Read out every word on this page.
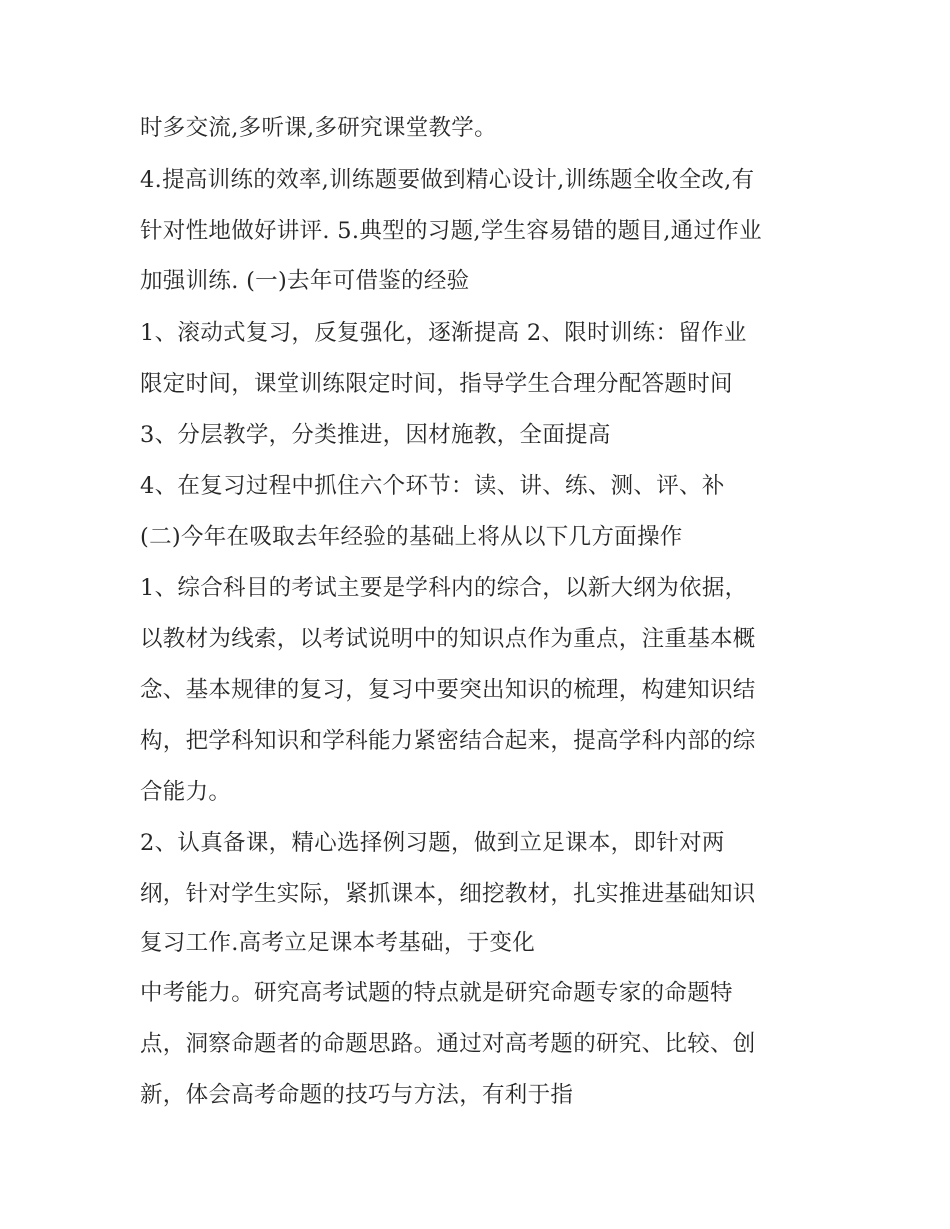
时多交流,多听课,多研究课堂教学。

4.提高训练的效率,训练题要做到精心设计,训练题全收全改,有

针对性地做好讲评. 5.典型的习题,学生容易错的题目,通过作业

加强训练. (一)去年可借鉴的经验

1、滚动式复习，反复强化，逐渐提高 2、限时训练：留作业

限定时间，课堂训练限定时间，指导学生合理分配答题时间

3、分层教学，分类推进，因材施教，全面提高

4、在复习过程中抓住六个环节：读、讲、练、测、评、补

(二)今年在吸取去年经验的基础上将从以下几方面操作

1、综合科目的考试主要是学科内的综合，以新大纲为依据，

以教材为线索，以考试说明中的知识点作为重点，注重基本概

念、基本规律的复习，复习中要突出知识的梳理，构建知识结

构，把学科知识和学科能力紧密结合起来，提高学科内部的综

合能力。

2、认真备课，精心选择例习题，做到立足课本，即针对两

纲，针对学生实际，紧抓课本，细挖教材，扎实推进基础知识

复习工作.高考立足课本考基础，于变化

中考能力。研究高考试题的特点就是研究命题专家的命题特

点，洞察命题者的命题思路。通过对高考题的研究、比较、创

新，体会高考命题的技巧与方法，有利于指
